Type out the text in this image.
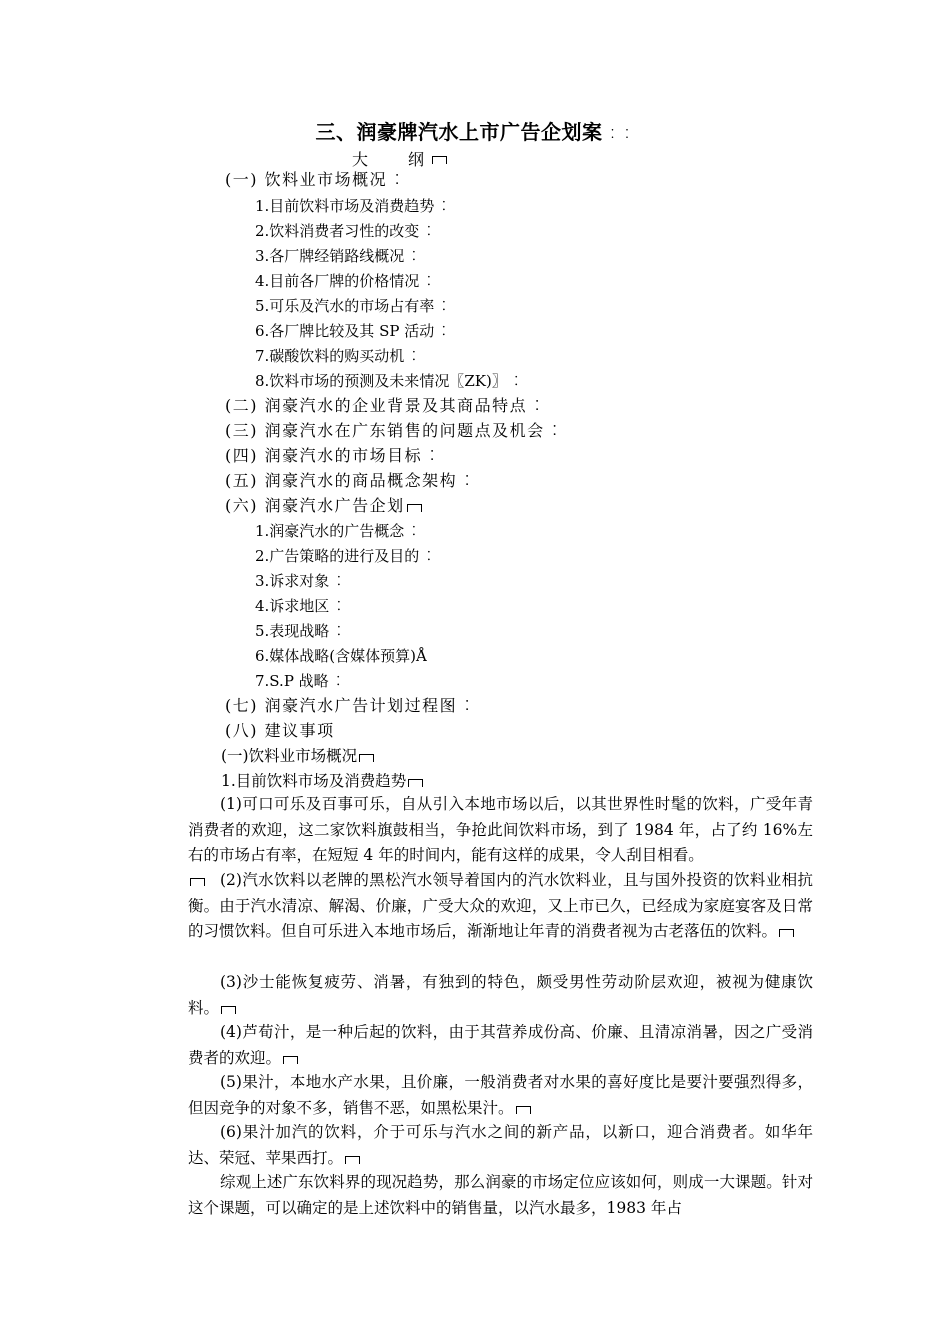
三、润豪牌汽水上市广告企划案 ︰︰
大纲
(一) 饮料业市场概况 ︰
1.目前饮料市场及消费趋势 ︰
2.饮料消费者习性的改变 ︰
3.各厂牌经销路线概况 ︰
4.目前各厂牌的价格情况 ︰
5.可乐及汽水的市场占有率 ︰
6.各厂牌比较及其 SP 活动 ︰
7.碳酸饮料的购买动机 ︰
8.饮料市场的预测及未来情况〖ZK)〗 ︰
(二) 润豪汽水的企业背景及其商品特点 ︰
(三) 润豪汽水在广东销售的问题点及机会 ︰
(四) 润豪汽水的市场目标 ︰
(五) 润豪汽水的商品概念架构 ︰
(六) 润豪汽水广告企划
1.润豪汽水的广告概念 ︰
2.广告策略的进行及目的 ︰
3.诉求对象 ︰
4.诉求地区 ︰
5.表现战略 ︰
6.媒体战略(含媒体预算)Å
7.S.P 战略 ︰
(七) 润豪汽水广告计划过程图 ︰
(八) 建议事项
(一)饮料业市场概况
1.目前饮料市场及消费趋势
(1)可口可乐及百事可乐，自从引入本地市场以后，以其世界性时髦的饮料，广受年青消费者的欢迎，这二家饮料旗鼓相当，争抢此间饮料市场，到了 1984 年，占了约 16%左右的市场占有率，在短短 4 年的时间内，能有这样的成果，令人刮目相看。
(2)汽水饮料以老牌的黑松汽水领导着国内的汽水饮料业，且与国外投资的饮料业相抗衡。由于汽水清凉、解渴、价廉，广受大众的欢迎，又上市已久，已经成为家庭宴客及日常的习惯饮料。但自可乐进入本地市场后，渐渐地让年青的消费者视为古老落伍的饮料。
(3)沙士能恢复疲劳、消暑，有独到的特色，颇受男性劳动阶层欢迎，被视为健康饮料。
(4)芦荀汁，是一种后起的饮料，由于其营养成份高、价廉、且清凉消暑，因之广受消费者的欢迎。
(5)果汁，本地水产水果，且价廉，一般消费者对水果的喜好度比是要汁要强烈得多，但因竞争的对象不多，销售不恶，如黑松果汁。
(6)果汁加汽的饮料，介于可乐与汽水之间的新产品，以新口，迎合消费者。如华年达、荣冠、苹果西打。
综观上述广东饮料界的现况趋势，那么润豪的市场定位应该如何，则成一大课题。针对这个课题，可以确定的是上述饮料中的销售量，以汽水最多，1983 年占
